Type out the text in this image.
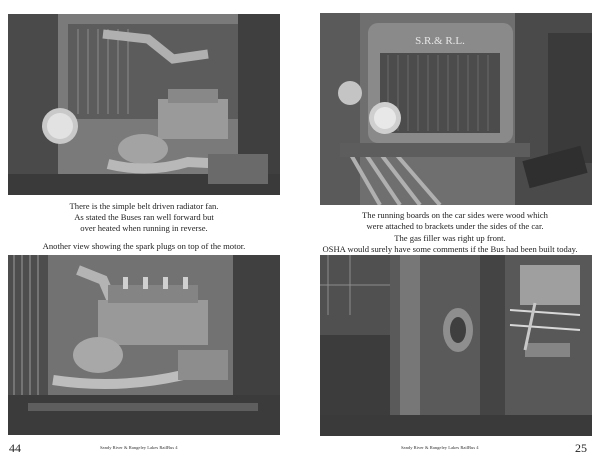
There is the simple belt driven radiator fan.

As stated the Buses ran well forward but

over heated when running in reverse.

Another view showing the spark plugs on top of the motor.

44	Sandy River & Rangeley Lakes RailBus 4
S.R.& R.L.

The running boards on the car sides were wood which

were attached to brackets under the sides of the car.

The gas filler was right up front.

OSHA would surely have some comments if the Bus had been built today.

Sandy River & Rangeley Lakes RailBus 4	25
